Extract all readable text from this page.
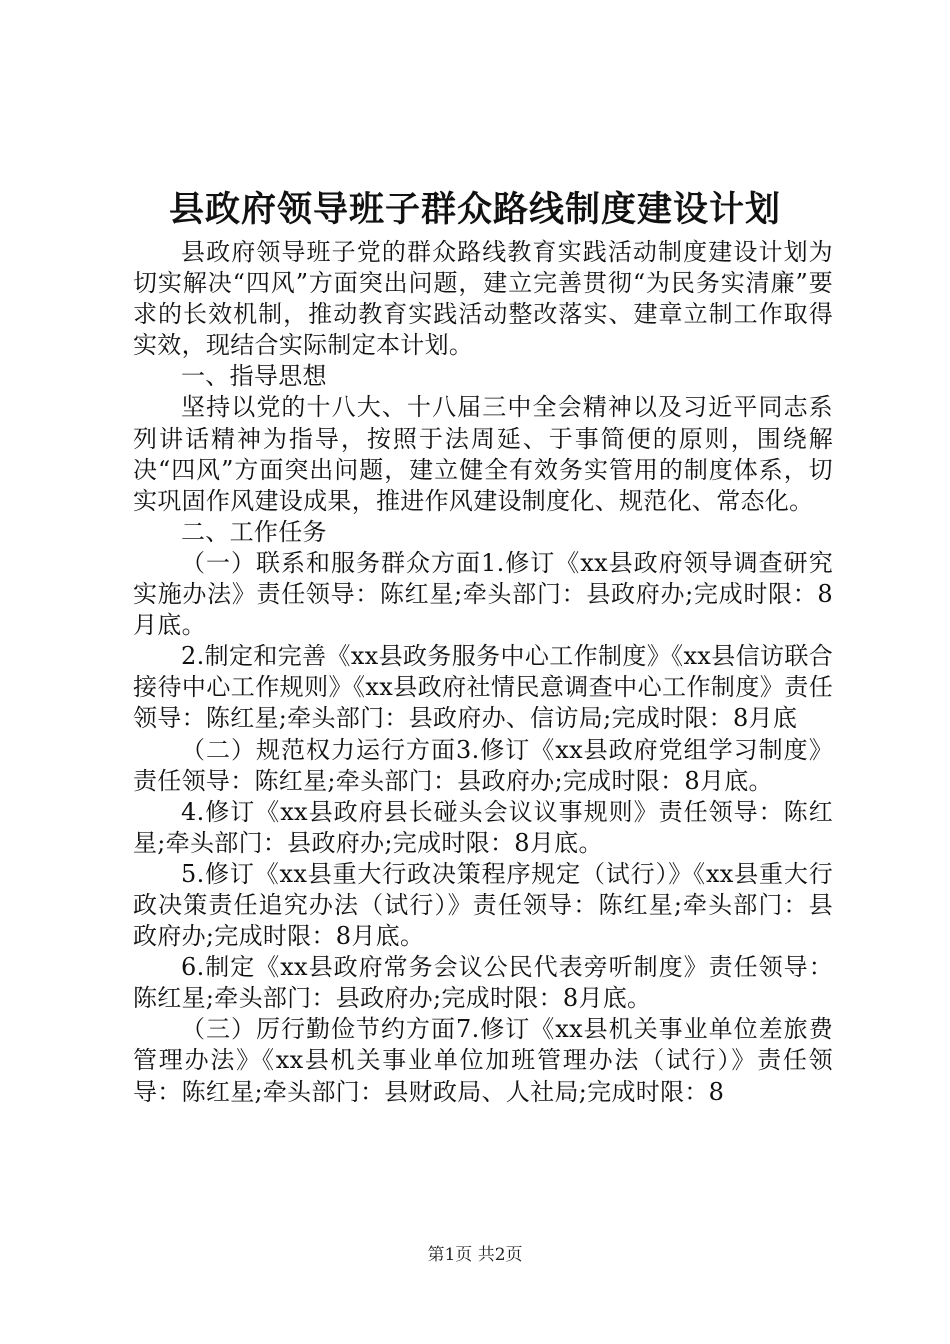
县政府领导班子群众路线制度建设计划

县政府领导班子党的群众路线教育实践活动制度建设计划为切实解决“四风”方面突出问题，建立完善贯彻“为民务实清廉”要求的长效机制，推动教育实践活动整改落实、建章立制工作取得实效，现结合实际制定本计划。

一、指导思想

坚持以党的十八大、十八届三中全会精神以及习近平同志系列讲话精神为指导，按照于法周延、于事简便的原则，围绕解决“四风”方面突出问题，建立健全有效务实管用的制度体系，切实巩固作风建设成果，推进作风建设制度化、规范化、常态化。

二、工作任务

（一）联系和服务群众方面1.修订《xx县政府领导调查研究实施办法》责任领导：陈红星;牵头部门：县政府办;完成时限：8月底。

2.制定和完善《xx县政务服务中心工作制度》《xx县信访联合接待中心工作规则》《xx县政府社情民意调查中心工作制度》责任领导：陈红星;牵头部门：县政府办、信访局;完成时限：8月底

（二）规范权力运行方面3.修订《xx县政府党组学习制度》责任领导：陈红星;牵头部门：县政府办;完成时限：8月底。

4.修订《xx县政府县长碰头会议议事规则》责任领导：陈红星;牵头部门：县政府办;完成时限：8月底。

5.修订《xx县重大行政决策程序规定（试行）》《xx县重大行政决策责任追究办法（试行）》责任领导：陈红星;牵头部门：县政府办;完成时限：8月底。

6.制定《xx县政府常务会议公民代表旁听制度》责任领导：陈红星;牵头部门：县政府办;完成时限：8月底。

（三）厉行勤俭节约方面7.修订《xx县机关事业单位差旅费管理办法》《xx县机关事业单位加班管理办法（试行）》责任领导：陈红星;牵头部门：县财政局、人社局;完成时限：8

第1页 共2页
